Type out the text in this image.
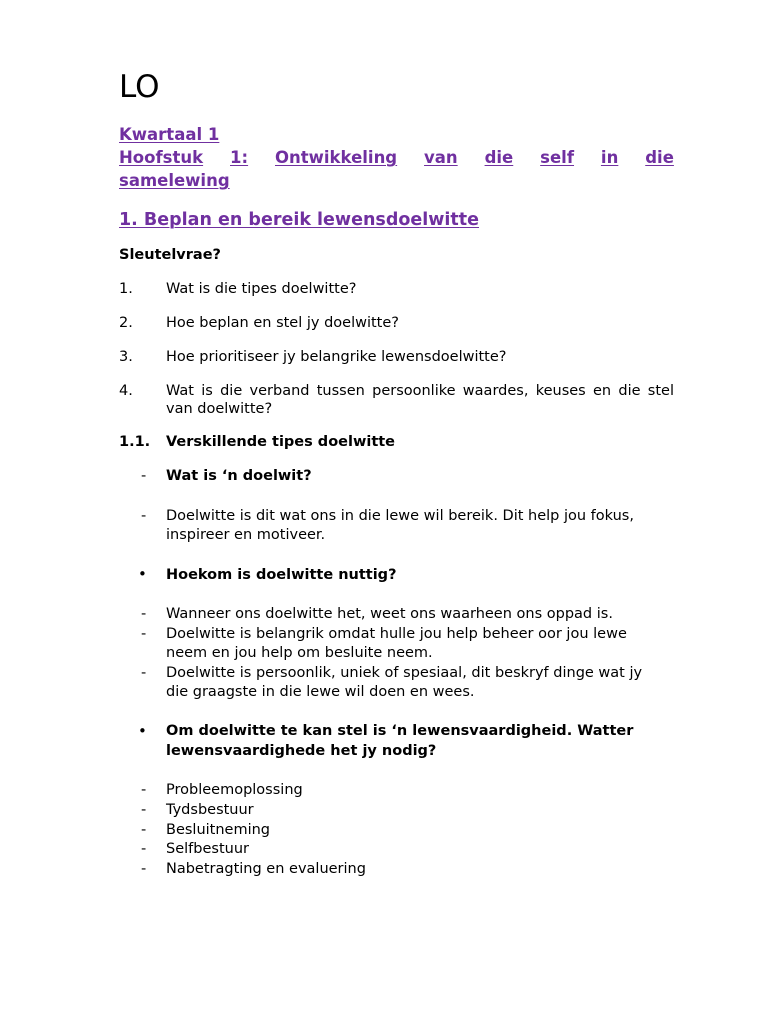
LO
Kwartaal 1
Hoofstuk 1: Ontwikkeling van die self in die
samelewing
1. Beplan en bereik lewensdoelwitte
Sleutelvrae?
1.	Wat is die tipes doelwitte?
2.	Hoe beplan en stel jy doelwitte?
3.	Hoe prioritiseer jy belangrike lewensdoelwitte?
4.	Wat is die verband tussen persoonlike waardes, keuses en die stel van doelwitte?
1.1.	Verskillende tipes doelwitte
- Wat is ‘n doelwit?
- Doelwitte is dit wat ons in die lewe wil bereik. Dit help jou fokus,
inspireer en motiveer.
• Hoekom is doelwitte nuttig?
- Wanneer ons doelwitte het, weet ons waarheen ons oppad is.
- Doelwitte is belangrik omdat hulle jou help beheer oor jou lewe
neem en jou help om besluite neem.
- Doelwitte is persoonlik, uniek of spesiaal, dit beskryf dinge wat jy
die graagste in die lewe wil doen en wees.
• Om doelwitte te kan stel is ‘n lewensvaardigheid. Watter
lewensvaardighede het jy nodig?
- Probleemoplossing
- Tydsbestuur
- Besluitneming
- Selfbestuur
- Nabetragting en evaluering
